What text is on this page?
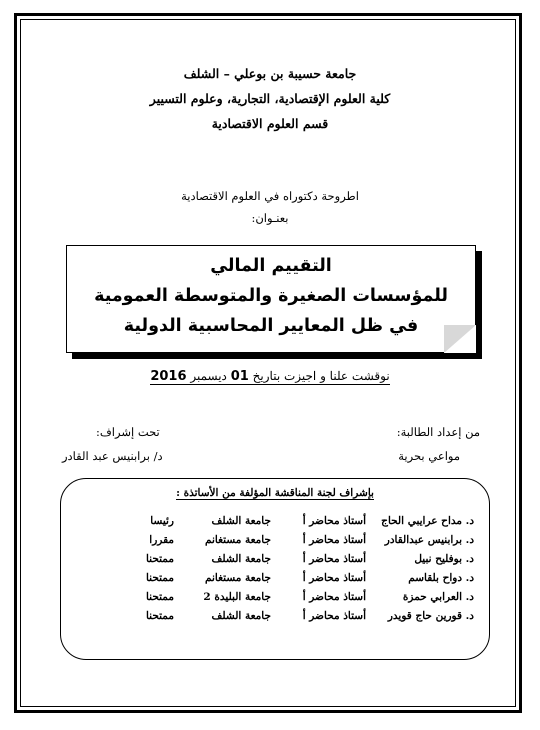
جامعة حسيبة بن بوعلي – الشلف
كلية العلوم الإقتصادية، التجارية، وعلوم التسيير
قسم العلوم الاقتصادية
اطروحة دكتوراه في العلوم الاقتصادية
بعنـوان:
التقييم المالي
للمؤسسات الصغيرة والمتوسطة العمومية
في ظل المعايير المحاسبية الدولية
نوقشت علنا و اجيزت بتاريخ 01 ديسمبر 2016
من إعداد الطالبة:
مواعي بحرية
تحت إشراف:
د/ برابنيس عبد القادر
بإشراف لجنة المناقشة المؤلفة من الأساتذة :
د. مداح عرايبي الحاج
أستاذ محاضر أ
جامعة الشلف
رئيسا
د. برابنيس عبدالقادر
أستاذ محاضر أ
جامعة مستغانم
مقررا
د. بوفليح نبيل
أستاذ محاضر أ
جامعة الشلف
ممتحنا
د. دواح بلقاسم
أستاذ محاضر أ
جامعة مستغانم
ممتحنا
د. العرابي حمزة
أستاذ محاضر أ
جامعة البليدة 2
ممتحنا
د. قورين حاج قويدر
أستاذ محاضر أ
جامعة الشلف
ممتحنا
